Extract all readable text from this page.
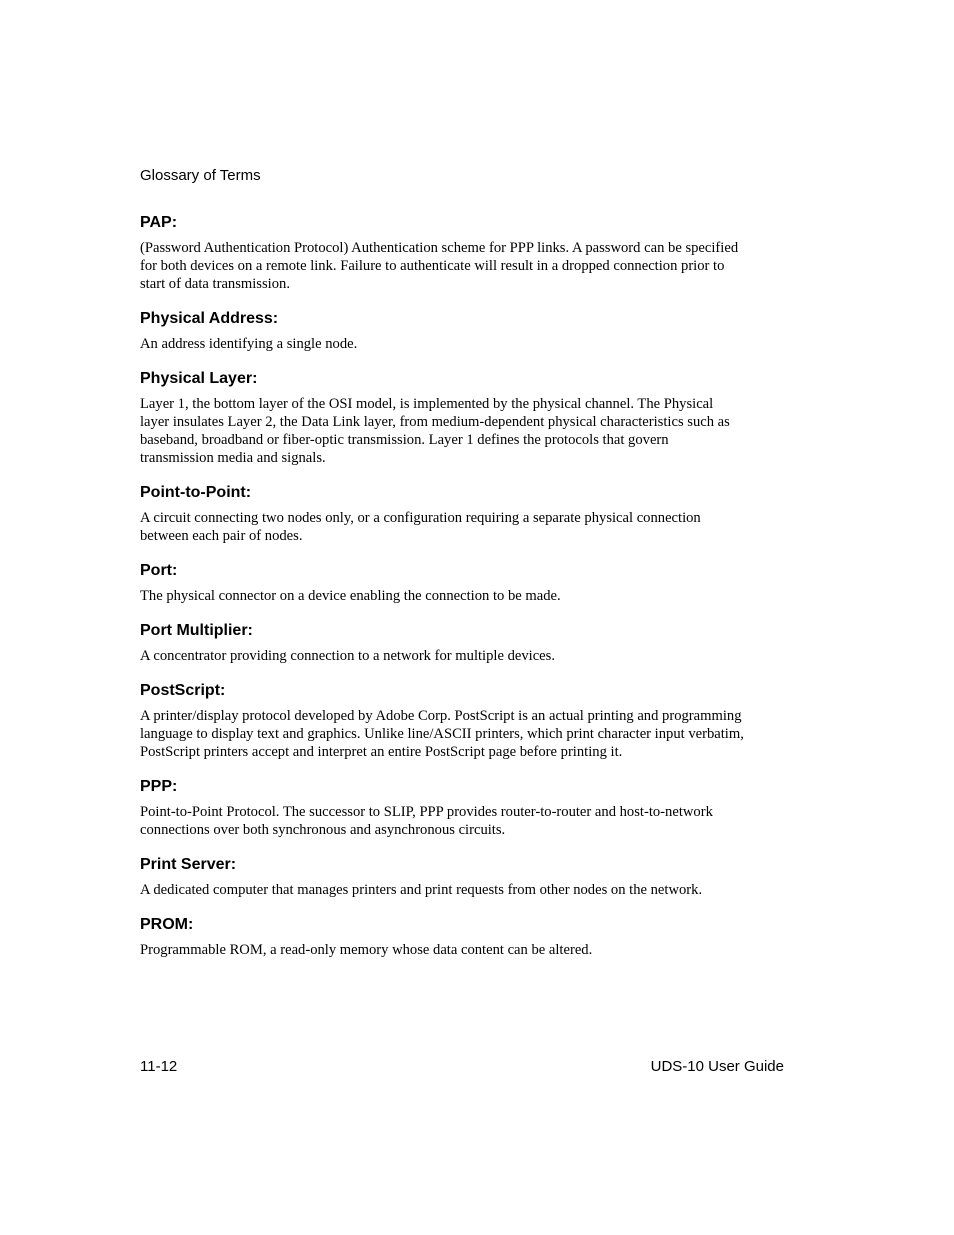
Glossary of Terms
PAP:

(Password Authentication Protocol) Authentication scheme for PPP links. A password can be specified
for both devices on a remote link. Failure to authenticate will result in a dropped connection prior to
start of data transmission.

Physical Address:

An address identifying a single node.

Physical Layer:

Layer 1, the bottom layer of the OSI model, is implemented by the physical channel. The Physical
layer insulates Layer 2, the Data Link layer, from medium-dependent physical characteristics such as
baseband, broadband or fiber-optic transmission. Layer 1 defines the protocols that govern
transmission media and signals.

Point-to-Point:

A circuit connecting two nodes only, or a configuration requiring a separate physical connection
between each pair of nodes.

Port:

The physical connector on a device enabling the connection to be made.

Port Multiplier:

A concentrator providing connection to a network for multiple devices.

PostScript:

A printer/display protocol developed by Adobe Corp. PostScript is an actual printing and programming
language to display text and graphics. Unlike line/ASCII printers, which print character input verbatim,
PostScript printers accept and interpret an entire PostScript page before printing it.

PPP:

Point-to-Point Protocol. The successor to SLIP, PPP provides router-to-router and host-to-network
connections over both synchronous and asynchronous circuits.

Print Server:

A dedicated computer that manages printers and print requests from other nodes on the network.

PROM:

Programmable ROM, a read-only memory whose data content can be altered.

11-12	UDS-10 User Guide
